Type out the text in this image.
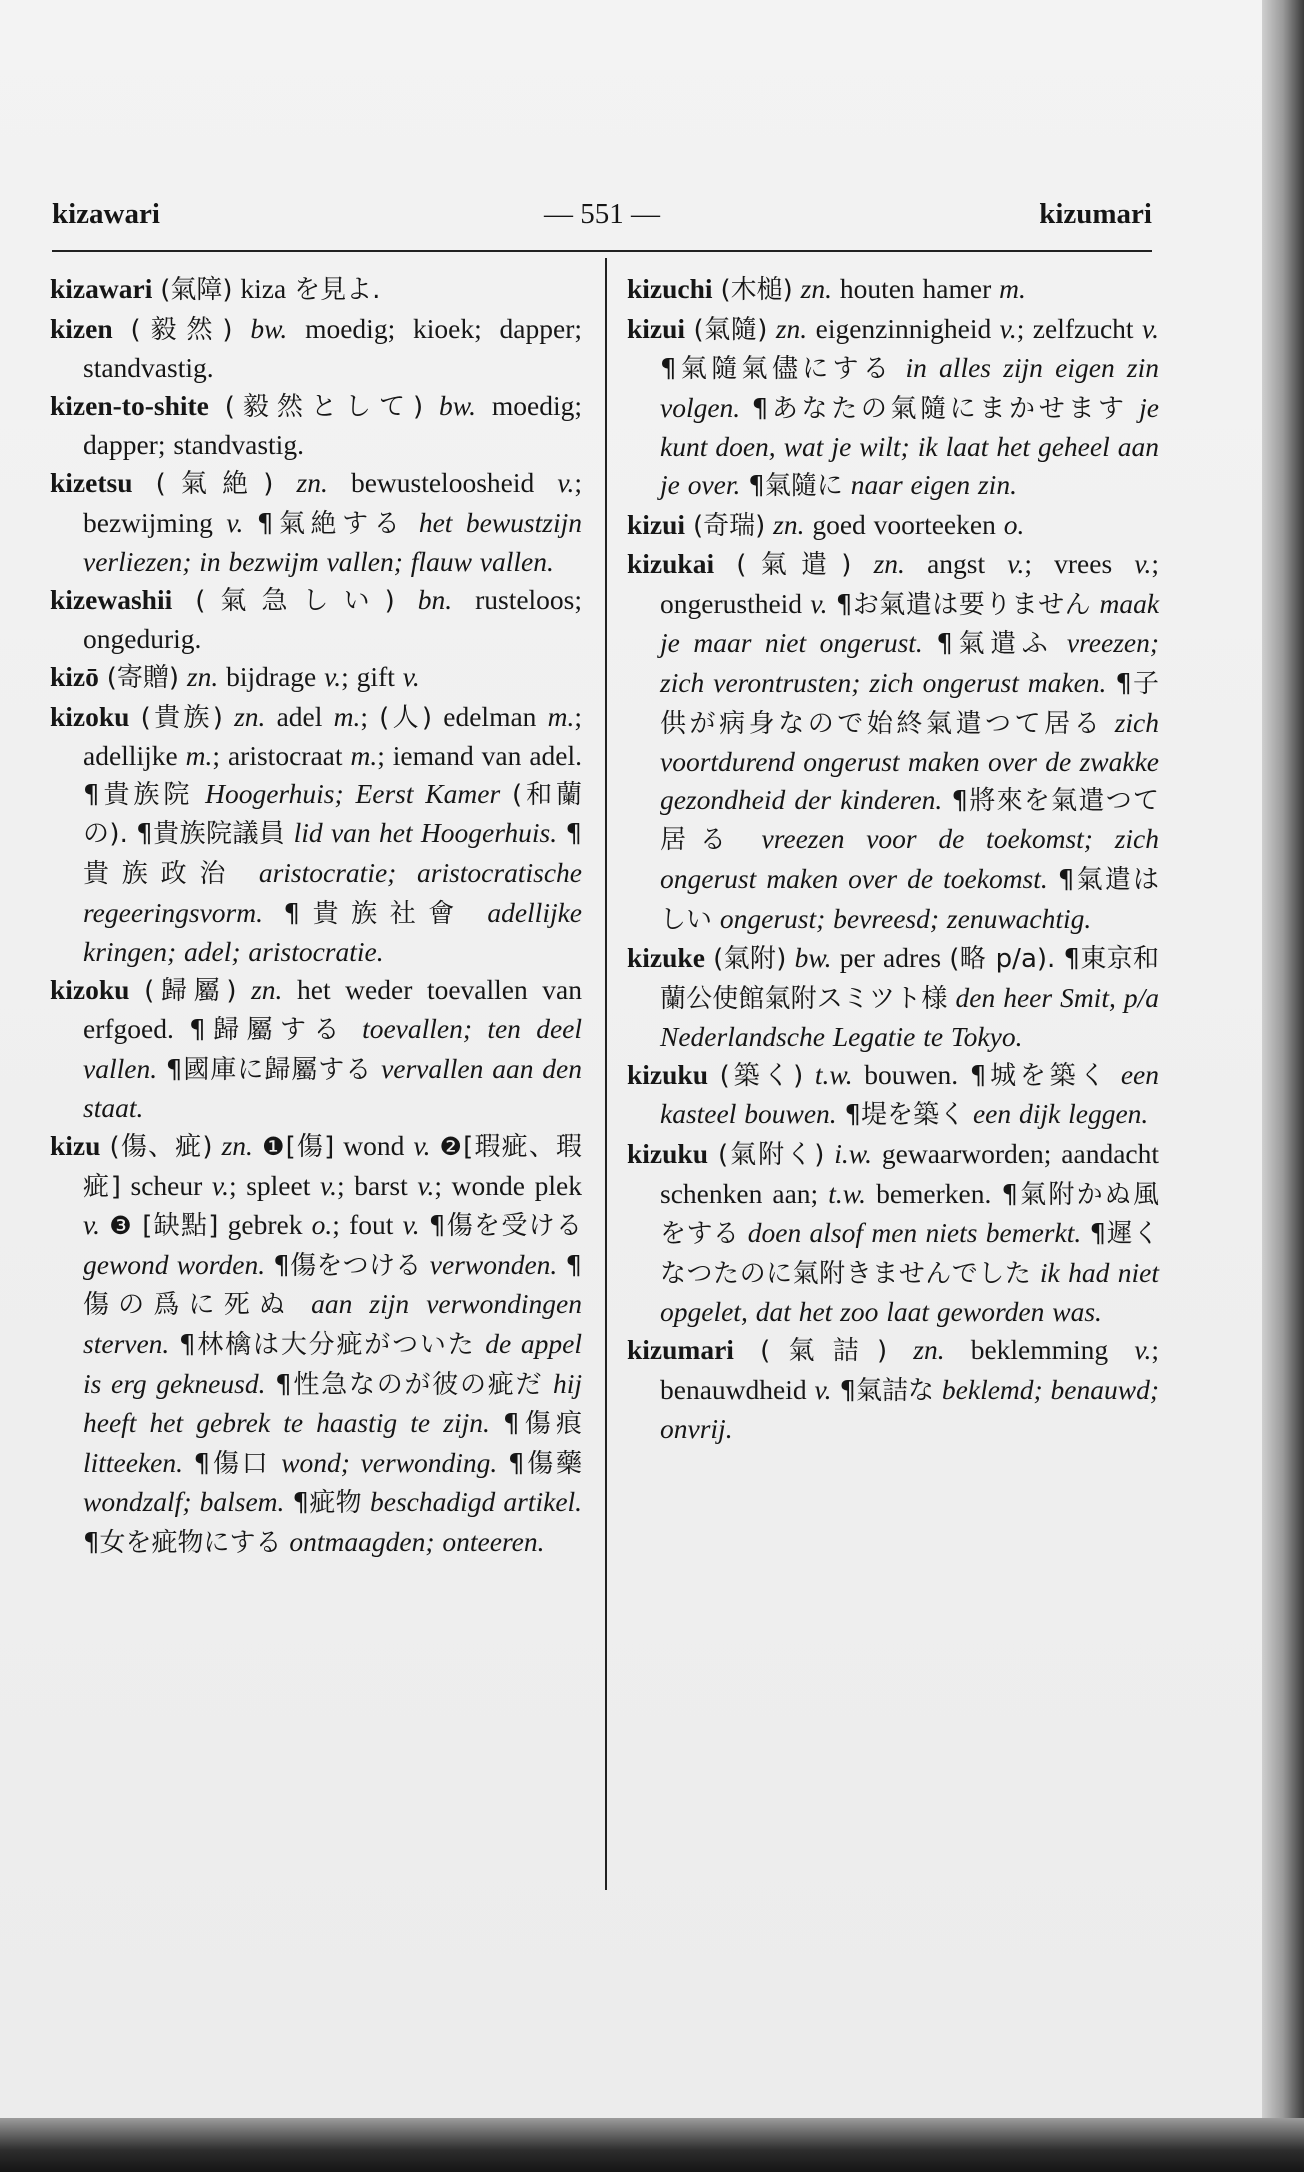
kizawari	— 551 —	kizumari

kizawari (氣障) kiza を見よ.

kizen (毅然) bw. moedig; kioek; dapper; standvastig.

kizen-to-shite (毅然として) bw. moedig; dapper; standvastig.

kizetsu (氣絶) zn. bewusteloosheid v.; bezwijming v. ¶氣絶する het bewustzijn verliezen; in bezwijm vallen; flauw vallen.

kizewashii (氣急しい) bn. rusteloos; ongedurig.

kizō (寄贈) zn. bijdrage v.; gift v.

kizoku (貴族) zn. adel m.; (人) edelman m.; adellijke m.; aristocraat m.; iemand van adel. ¶貴族院 Hoogerhuis; Eerst Kamer (和蘭の). ¶貴族院議員 lid van het Hoogerhuis. ¶貴族政治 aristocratie; aristocratische regeeringsvorm. ¶貴族社會 adellijke kringen; adel; aristocratie.

kizoku (歸屬) zn. het weder toevallen van erfgoed. ¶歸屬する toevallen; ten deel vallen. ¶國庫に歸屬する vervallen aan den staat.

kizu (傷、疵) zn. ❶[傷] wond v. ❷[瑕疵、瑕疵] scheur v.; spleet v.; barst v.; wonde plek v. ❸ [缺點] gebrek o.; fout v. ¶傷を受ける gewond worden. ¶傷をつける verwonden. ¶傷の爲に死ぬ aan zijn verwondingen sterven. ¶林檎は大分疵がついた de appel is erg gekneusd. ¶性急なのが彼の疵だ hij heeft het gebrek te haastig te zijn. ¶傷痕 litteeken. ¶傷口 wond; verwonding. ¶傷藥 wondzalf; balsem. ¶疵物 beschadigd artikel. ¶女を疵物にする ontmaagden; onteeren.

kizuchi (木槌) zn. houten hamer m.

kizui (氣隨) zn. eigenzinnigheid v.; zelfzucht v. ¶氣隨氣儘にする in alles zijn eigen zin volgen. ¶あなたの氣隨にまかせます je kunt doen, wat je wilt; ik laat het geheel aan je over. ¶氣隨に naar eigen zin.

kizui (奇瑞) zn. goed voorteeken o.

kizukai (氣遣) zn. angst v.; vrees v.; ongerustheid v. ¶お氣遣は要りません maak je maar niet ongerust. ¶氣遣ふ vreezen; zich verontrusten; zich ongerust maken. ¶子供が病身なので始終氣遣つて居る zich voortdurend ongerust maken over de zwakke gezondheid der kinderen. ¶將來を氣遣つて居る vreezen voor de toekomst; zich ongerust maken over de toekomst. ¶氣遣はしい ongerust; bevreesd; zenuwachtig.

kizuke (氣附) bw. per adres (略 p/a). ¶東京和蘭公使館氣附スミツト様 den heer Smit, p/a Nederlandsche Legatie te Tokyo.

kizuku (築く) t.w. bouwen. ¶城を築く een kasteel bouwen. ¶堤を築く een dijk leggen.

kizuku (氣附く) i.w. gewaarworden; aandacht schenken aan; t.w. bemerken. ¶氣附かぬ風をする doen alsof men niets bemerkt. ¶遲くなつたのに氣附きませんでした ik had niet opgelet, dat het zoo laat geworden was.

kizumari (氣詰) zn. beklemming v.; benauwdheid v. ¶氣詰な beklemd; benauwd; onvrij.
